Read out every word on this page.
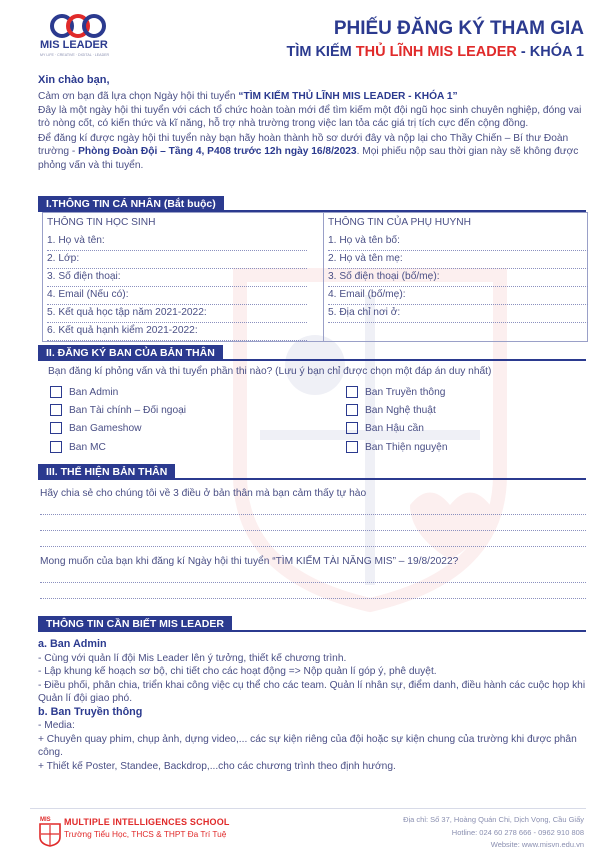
MIS LEADER
MY LIFE · CREATIVE · DIGITAL · LEADER
PHIẾU ĐĂNG KÝ THAM GIA
TÌM KIẾM THỦ LĨNH MIS LEADER - KHÓA 1
Xin chào bạn,
Cảm ơn bạn đã lựa chọn Ngày hội thi tuyển “TÌM KIẾM THỦ LĨNH MIS LEADER - KHÓA 1”
Đây là một ngày hội thi tuyển với cách tổ chức hoàn toàn mới để tìm kiếm một đội ngũ học sinh chuyên nghiệp, đóng vai trò nòng cốt, có kiến thức và kĩ năng, hỗ trợ nhà trường trong việc lan tỏa các giá trị tích cực đến cộng đồng.
Để đăng kí được ngày hội thi tuyển này bạn hãy hoàn thành hồ sơ dưới đây và nộp lại cho Thầy Chiến – Bí thư Đoàn trường - Phòng Đoàn Đội – Tầng 4, P408 trước 12h ngày 16/8/2023. Mọi phiếu nộp sau thời gian này sẽ không được phỏng vấn và thi tuyển.
I.THÔNG TIN CÁ NHÂN (Bắt buộc)
THÔNG TIN HỌC SINH
1. Họ và tên:
2. Lớp:
3. Số điện thoại:
4. Email (Nếu có):
5. Kết quả học tập năm 2021-2022:
6. Kết quả hạnh kiểm 2021-2022:
THÔNG TIN CỦA PHỤ HUYNH
1. Họ và tên bố:
2. Họ và tên mẹ:
3. Số điện thoại (bố/mẹ):
4. Email (bố/mẹ):
5. Địa chỉ nơi ở:
II. ĐĂNG KÝ BAN CỦA BẢN THÂN
Bạn đăng kí phỏng vấn và thi tuyển phần thi nào? (Lưu ý bạn chỉ được chọn một đáp án duy nhất)
Ban Admin
Ban Tài chính – Đối ngoại
Ban Gameshow
Ban MC
Ban Truyền thông
Ban Nghệ thuật
Ban Hậu cần
Ban Thiện nguyện
III. THỂ HIỆN BẢN THÂN
Hãy chia sẻ cho chúng tôi về 3 điều ở bản thân mà bạn cảm thấy tự hào
Mong muốn của bạn khi đăng kí Ngày hội thi tuyển “TÌM KIẾM TÀI NĂNG MIS” – 19/8/2022?
THÔNG TIN CẦN BIẾT MIS LEADER
a. Ban Admin
- Cùng với quản lí đội Mis Leader lên ý tưởng, thiết kế chương trình.
- Lập khung kế hoạch sơ bộ, chi tiết cho các hoạt động => Nộp quản lí góp ý, phê duyệt.
- Điều phối, phân chia, triển khai công việc cụ thể cho các team. Quản lí nhân sự, điểm danh, điều hành các cuộc họp khi Quản lí đội giao phó.
b. Ban Truyền thông
- Media:
+ Chuyên quay phim, chụp ảnh, dựng video,... các sự kiện riêng của đội hoặc sự kiện chung của trường khi được phân công.
+ Thiết kế Poster, Standee, Backdrop,...cho các chương trình theo định hướng.
MIS MULTIPLE INTELLIGENCES SCHOOL
Trường Tiểu Học, THCS & THPT Đa Trí Tuệ
Địa chỉ: Số 37, Hoàng Quán Chi, Dịch Vọng, Cầu Giấy
Hotline: 024 60 278 666 - 0962 910 808
Website: www.misvn.edu.vn
